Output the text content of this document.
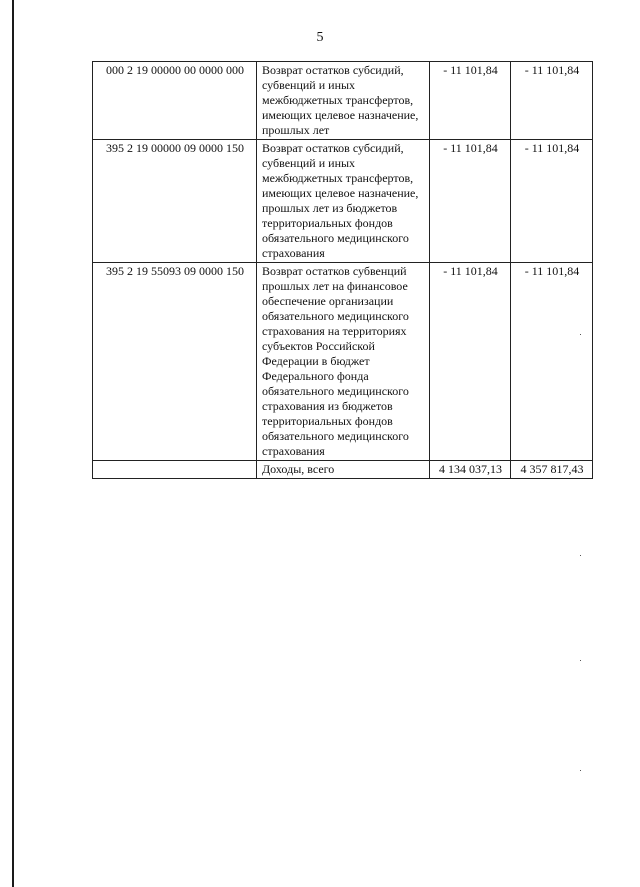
5
000 2 19 00000 00 0000 000	Возврат остатков субсидий, субвенций и иных межбюджетных трансфертов, имеющих целевое назначение, прошлых лет	- 11 101,84	- 11 101,84
395 2 19 00000 09 0000 150	Возврат остатков субсидий, субвенций и иных межбюджетных трансфертов, имеющих целевое назначение, прошлых лет из бюджетов территориальных фондов обязательного медицинского страхования	- 11 101,84	- 11 101,84
395 2 19 55093 09 0000 150	Возврат остатков субвенций прошлых лет на финансовое обеспечение организации обязательного медицинского страхования на территориях субъектов Российской Федерации в бюджет Федерального фонда обязательного медицинского страхования из бюджетов территориальных фондов обязательного медицинского страхования	- 11 101,84	- 11 101,84
	Доходы, всего	4 134 037,13	4 357 817,43
